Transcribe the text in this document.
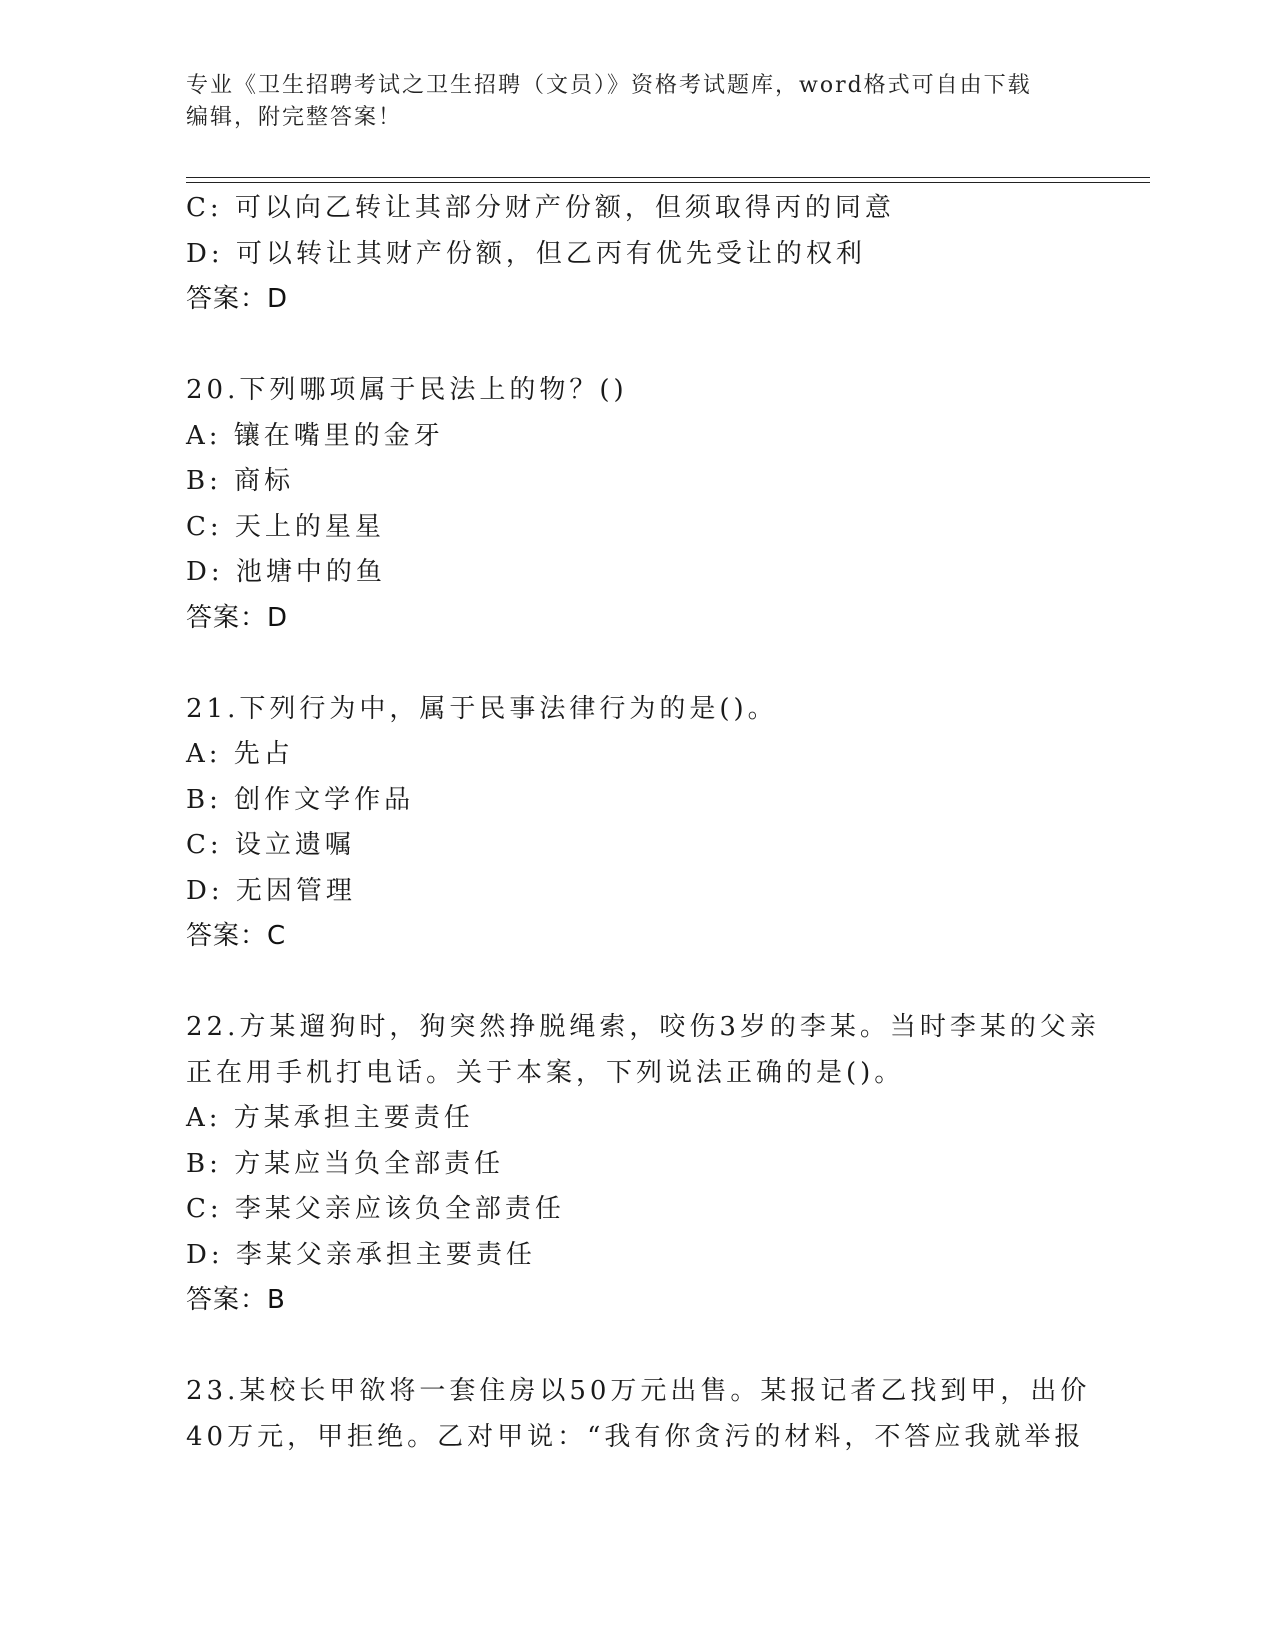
专业《卫生招聘考试之卫生招聘（文员）》资格考试题库，word格式可自由下载
编辑，附完整答案！
C: 可以向乙转让其部分财产份额，但须取得丙的同意
D: 可以转让其财产份额，但乙丙有优先受让的权利
答案：D
20.下列哪项属于民法上的物？()
A: 镶在嘴里的金牙
B: 商标
C: 天上的星星
D: 池塘中的鱼
答案：D
21.下列行为中，属于民事法律行为的是()。
A: 先占
B: 创作文学作品
C: 设立遗嘱
D: 无因管理
答案：C
22.方某遛狗时，狗突然挣脱绳索，咬伤3岁的李某。当时李某的父亲
正在用手机打电话。关于本案，下列说法正确的是()。
A: 方某承担主要责任
B: 方某应当负全部责任
C: 李某父亲应该负全部责任
D: 李某父亲承担主要责任
答案：B
23.某校长甲欲将一套住房以50万元出售。某报记者乙找到甲，出价
40万元，甲拒绝。乙对甲说：“我有你贪污的材料，不答应我就举报
